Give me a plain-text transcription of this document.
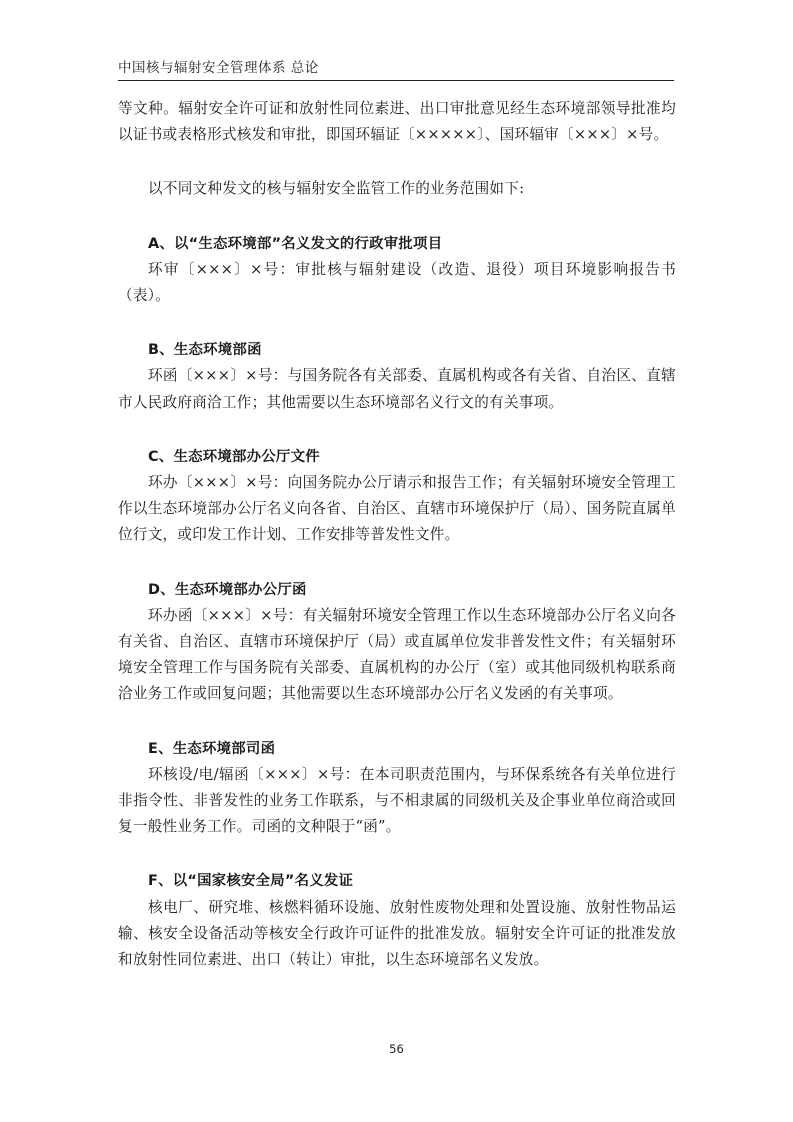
中国核与辐射安全管理体系 总论

等文种。辐射安全许可证和放射性同位素进、出口审批意见经生态环境部领导批准均以证书或表格形式核发和审批，即国环辐证〔×××××〕、国环辐审〔×××〕×号。

以不同文种发文的核与辐射安全监管工作的业务范围如下:

A、以“生态环境部”名义发文的行政审批项目

环审〔×××〕×号：审批核与辐射建设（改造、退役）项目环境影响报告书（表）。

B、生态环境部函

环函〔×××〕×号：与国务院各有关部委、直属机构或各有关省、自治区、直辖市人民政府商洽工作；其他需要以生态环境部名义行文的有关事项。

C、生态环境部办公厅文件

环办〔×××〕×号：向国务院办公厅请示和报告工作；有关辐射环境安全管理工作以生态环境部办公厅名义向各省、自治区、直辖市环境保护厅（局）、国务院直属单位行文，或印发工作计划、工作安排等普发性文件。

D、生态环境部办公厅函

环办函〔×××〕×号：有关辐射环境安全管理工作以生态环境部办公厅名义向各有关省、自治区、直辖市环境保护厅（局）或直属单位发非普发性文件；有关辐射环境安全管理工作与国务院有关部委、直属机构的办公厅（室）或其他同级机构联系商洽业务工作或回复问题；其他需要以生态环境部办公厅名义发函的有关事项。

E、生态环境部司函

环核设/电/辐函〔×××〕×号：在本司职责范围内，与环保系统各有关单位进行非指令性、非普发性的业务工作联系，与不相隶属的同级机关及企事业单位商洽或回复一般性业务工作。司函的文种限于“函”。

F、以“国家核安全局”名义发证

核电厂、研究堆、核燃料循环设施、放射性废物处理和处置设施、放射性物品运输、核安全设备活动等核安全行政许可证件的批准发放。辐射安全许可证的批准发放和放射性同位素进、出口（转让）审批，以生态环境部名义发放。

56
